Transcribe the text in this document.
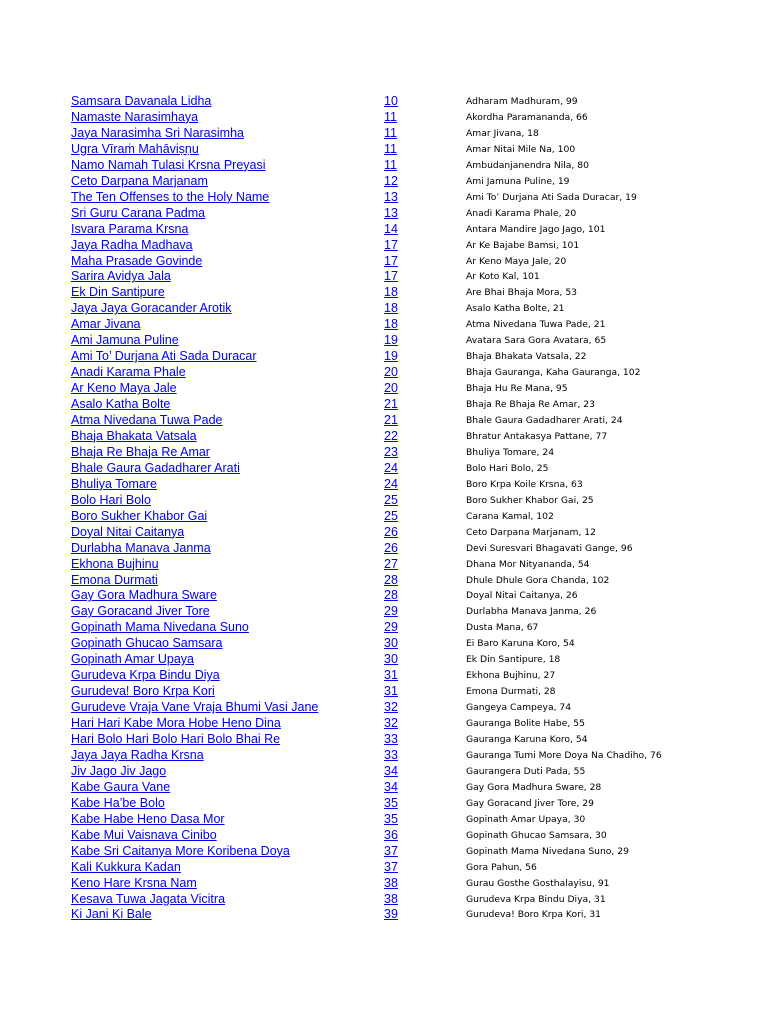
Samsara Davanala Lidha	10	Adharam Madhuram, 99
Namaste Narasimhaya	11	Akordha Paramananda, 66
Jaya Narasimha Sri Narasimha	11	Amar Jivana, 18
Ugra Vīraṁ Mahāviṣṇu	11	Amar Nitai Mile Na, 100
Namo Namah Tulasi Krsna Preyasi	11	Ambudanjanendra Nila, 80
Ceto Darpana Marjanam	12	Ami Jamuna Puline, 19
The Ten Offenses to the Holy Name	13	Ami To’ Durjana Ati Sada Duracar, 19
Sri Guru Carana Padma	13	Anadi Karama Phale, 20
Isvara Parama Krsna	14	Antara Mandire Jago Jago, 101
Jaya Radha Madhava	17	Ar Ke Bajabe Bamsi, 101
Maha Prasade Govinde	17	Ar Keno Maya Jale, 20
Sarira Avidya Jala	17	Ar Koto Kal, 101
Ek Din Santipure	18	Are Bhai Bhaja Mora, 53
Jaya Jaya Goracander Arotik	18	Asalo Katha Bolte, 21
Amar Jivana	18	Atma Nivedana Tuwa Pade, 21
Ami Jamuna Puline	19	Avatara Sara Gora Avatara, 65
Ami To’ Durjana Ati Sada Duracar	19	Bhaja Bhakata Vatsala, 22
Anadi Karama Phale	20	Bhaja Gauranga, Kaha Gauranga, 102
Ar Keno Maya Jale	20	Bhaja Hu Re Mana, 95
Asalo Katha Bolte	21	Bhaja Re Bhaja Re Amar, 23
Atma Nivedana Tuwa Pade	21	Bhale Gaura Gadadharer Arati, 24
Bhaja Bhakata Vatsala	22	Bhratur Antakasya Pattane, 77
Bhaja Re Bhaja Re Amar	23	Bhuliya Tomare, 24
Bhale Gaura Gadadharer Arati	24	Bolo Hari Bolo, 25
Bhuliya Tomare	24	Boro Krpa Koile Krsna, 63
Bolo Hari Bolo	25	Boro Sukher Khabor Gai, 25
Boro Sukher Khabor Gai	25	Carana Kamal, 102
Doyal Nitai Caitanya	26	Ceto Darpana Marjanam, 12
Durlabha Manava Janma	26	Devi Suresvari Bhagavati Gange, 96
Ekhona Bujhinu	27	Dhana Mor Nityananda, 54
Emona Durmati	28	Dhule Dhule Gora Chanda, 102
Gay Gora Madhura Sware	28	Doyal Nitai Caitanya, 26
Gay Goracand Jiver Tore	29	Durlabha Manava Janma, 26
Gopinath Mama Nivedana Suno	29	Dusta Mana, 67
Gopinath Ghucao Samsara	30	Ei Baro Karuna Koro, 54
Gopinath Amar Upaya	30	Ek Din Santipure, 18
Gurudeva Krpa Bindu Diya	31	Ekhona Bujhinu, 27
Gurudeva! Boro Krpa Kori	31	Emona Durmati, 28
Gurudeve Vraja Vane Vraja Bhumi Vasi Jane	32	Gangeya Campeya, 74
Hari Hari Kabe Mora Hobe Heno Dina	32	Gauranga Bolite Habe, 55
Hari Bolo Hari Bolo Hari Bolo Bhai Re	33	Gauranga Karuna Koro, 54
Jaya Jaya Radha Krsna	33	Gauranga Tumi More Doya Na Chadiho, 76
Jiv Jago Jiv Jago	34	Gaurangera Duti Pada, 55
Kabe Gaura Vane	34	Gay Gora Madhura Sware, 28
Kabe Ha’be Bolo	35	Gay Goracand Jiver Tore, 29
Kabe Habe Heno Dasa Mor	35	Gopinath Amar Upaya, 30
Kabe Mui Vaisnava Cinibo	36	Gopinath Ghucao Samsara, 30
Kabe Sri Caitanya More Koribena Doya	37	Gopinath Mama Nivedana Suno, 29
Kali Kukkura Kadan	37	Gora Pahun, 56
Keno Hare Krsna Nam	38	Gurau Gosthe Gosthalayisu, 91
Kesava Tuwa Jagata Vicitra	38	Gurudeva Krpa Bindu Diya, 31
Ki Jani Ki Bale	39	Gurudeva! Boro Krpa Kori, 31
